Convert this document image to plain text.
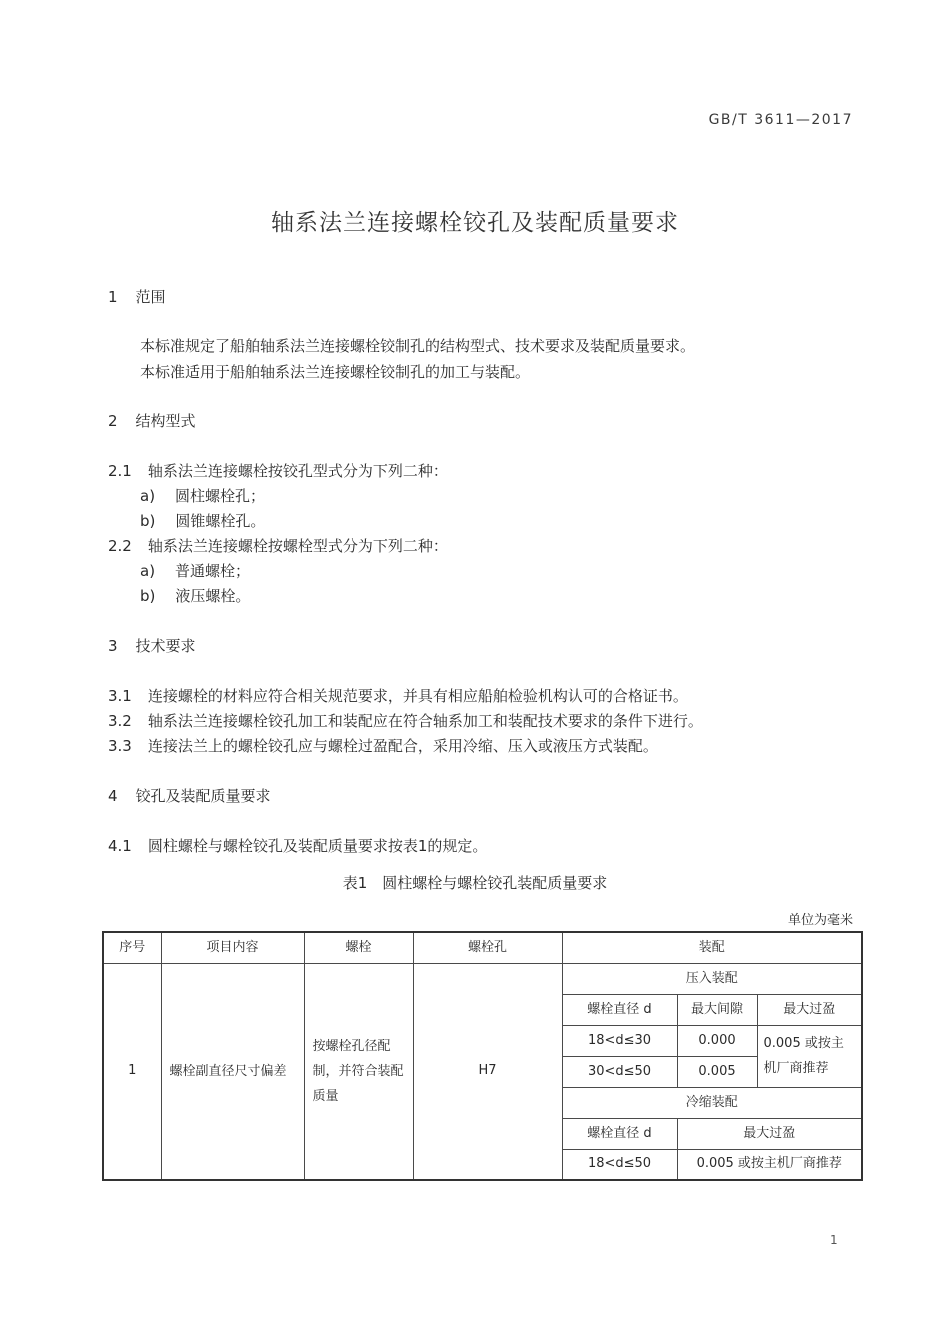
GB/T 3611—2017
轴系法兰连接螺栓铰孔及装配质量要求
1 范围
本标准规定了船舶轴系法兰连接螺栓铰制孔的结构型式、技术要求及装配质量要求。
本标准适用于船舶轴系法兰连接螺栓铰制孔的加工与装配。
2 结构型式
2.1 轴系法兰连接螺栓按铰孔型式分为下列二种：
a) 圆柱螺栓孔；
b) 圆锥螺栓孔。
2.2 轴系法兰连接螺栓按螺栓型式分为下列二种：
a) 普通螺栓；
b) 液压螺栓。
3 技术要求
3.1 连接螺栓的材料应符合相关规范要求，并具有相应船舶检验机构认可的合格证书。
3.2 轴系法兰连接螺栓铰孔加工和装配应在符合轴系加工和装配技术要求的条件下进行。
3.3 连接法兰上的螺栓铰孔应与螺栓过盈配合，采用冷缩、压入或液压方式装配。
4 铰孔及装配质量要求
4.1 圆柱螺栓与螺栓铰孔及装配质量要求按表1的规定。
表1　圆柱螺栓与螺栓铰孔装配质量要求
单位为毫米
序号	项目内容	螺栓	螺栓孔	装配		
1	螺栓副直径尺寸偏差	按螺栓孔径配制，并符合装配质量	H7	压入装配		
				螺栓直径 d	最大间隙	最大过盈
				18<d≤30	0.000	0.005 或按主机厂商推荐
				30<d≤50	0.005	
				冷缩装配		
				螺栓直径 d	最大过盈	
				18<d≤50	0.005 或按主机厂商推荐	
1
